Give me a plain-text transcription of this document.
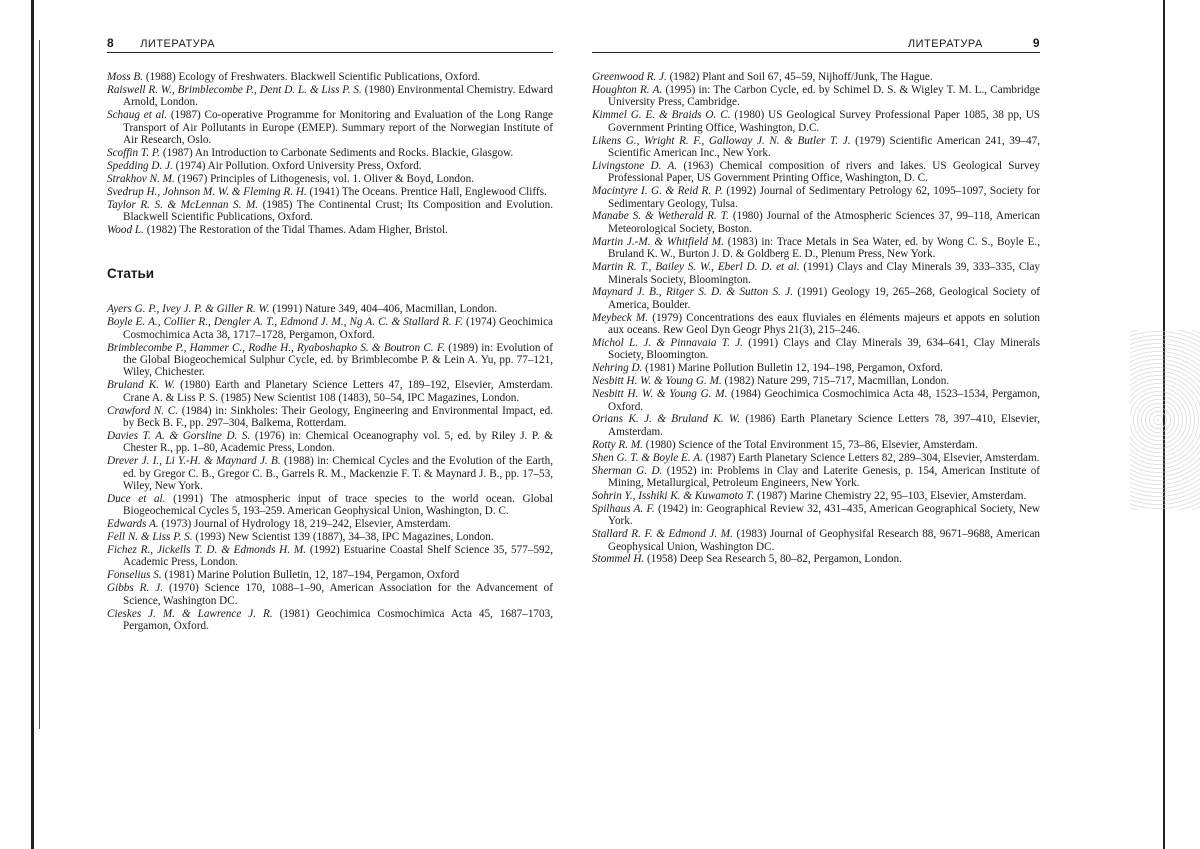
8 ЛИТЕРАТУРА
Moss B. (1988) Ecology of Freshwaters. Blackwell Scientific Publications, Oxford.
Raiswell R. W., Brimblecombe P., Dent D. L. & Liss P. S. (1980) Environmental Chemistry. Edward Arnold, London.
Schaug et al. (1987) Co-operative Programme for Monitoring and Evaluation of the Long Range Transport of Air Pollutants in Europe (EMEP). Summary report of the Norwegian Institute of Air Research, Oslo.
Scoffin T. P. (1987) An Introduction to Carbonate Sediments and Rocks. Blackie, Glasgow.
Spedding D. J. (1974) Air Pollution. Oxford University Press, Oxford.
Strakhov N. M. (1967) Principles of Lithogenesis, vol. 1. Oliver & Boyd, London.
Svedrup H., Johnson M. W. & Fleming R. H. (1941) The Oceans. Prentice Hall, Englewood Cliffs.
Taylor R. S. & McLennan S. M. (1985) The Continental Crust; Its Composition and Evolution. Blackwell Scientific Publications, Oxford.
Wood L. (1982) The Restoration of the Tidal Thames. Adam Higher, Bristol.
Статьи
Ayers G. P., Ivey J. P. & Giller R. W. (1991) Nature 349, 404–406, Macmillan, London.
Boyle E. A., Collier R., Dengler A. T., Edmond J. M., Ng A. C. & Stallard R. F. (1974) Geochimica Cosmochimica Acta 38, 1717–1728, Pergamon, Oxford.
Brimblecombe P., Hammer C., Rodhe H., Ryaboshapko S. & Boutron C. F. (1989) in: Evolution of the Global Biogeochemical Sulphur Cycle, ed. by Brimblecombe P. & Lein A. Yu, pp. 77–121, Wiley, Chichester.
Bruland K. W. (1980) Earth and Planetary Science Letters 47, 189–192, Elsevier, Amsterdam. Crane A. & Liss P. S. (1985) New Scientist 108 (1483), 50–54, IPC Magazines, London.
Crawford N. C. (1984) in: Sinkholes: Their Geology, Engineering and Environmental Impact, ed. by Beck B. F., pp. 297–304, Balkema, Rotterdam.
Davies T. A. & Gorsline D. S. (1976) in: Chemical Oceanography vol. 5, ed. by Riley J. P. & Chester R., pp. 1–80, Academic Press, London.
Drever J. I., Li Y.-H. & Maynard J. B. (1988) in: Chemical Cycles and the Evolution of the Earth, ed. by Gregor C. B., Gregor C. B., Garrels R. M., Mackenzie F. T. & Maynard J. B., pp. 17–53, Wiley, New York.
Duce et al. (1991) The atmospheric input of trace species to the world ocean. Global Biogeochemical Cycles 5, 193–259. American Geophysical Union, Washington, D. C.
Edwards A. (1973) Journal of Hydrology 18, 219–242, Elsevier, Amsterdam.
Fell N. & Liss P. S. (1993) New Scientist 139 (1887), 34–38, IPC Magazines, London.
Fichez R., Jickells T. D. & Edmonds H. M. (1992) Estuarine Coastal Shelf Science 35, 577–592, Academic Press, London.
Fonselius S. (1981) Marine Polution Bulletin, 12, 187–194, Pergamon, Oxford
Gibbs R. J. (1970) Science 170, 1088–1–90, American Association for the Advancement of Science, Washington DC.
Cieskes J. M. & Lawrence J. R. (1981) Geochimica Cosmochimica Acta 45, 1687–1703, Pergamon, Oxford.
ЛИТЕРАТУРА	9
Greenwood R. J. (1982) Plant and Soil 67, 45–59, Nijhoff/Junk, The Hague.
Houghton R. A. (1995) in: The Carbon Cycle, ed. by Schimel D. S. & Wigley T. M. L., Cambridge University Press, Cambridge.
Kimmel G. E. & Braids O. C. (1980) US Geological Survey Professional Paper 1085, 38 pp, US Government Printing Office, Washington, D.C.
Likens G., Wright R. F., Galloway J. N. & Butler T. J. (1979) Scientific American 241, 39–47, Scientific American Inc., New York.
Livingstone D. A. (1963) Chemical composition of rivers and lakes. US Geological Survey Professional Paper, US Government Printing Office, Washington, D. C.
Macintyre I. G. & Reid R. P. (1992) Journal of Sedimentary Petrology 62, 1095–1097, Society for Sedimentary Geology, Tulsa.
Manabe S. & Wetherald R. T. (1980) Journal of the Atmospheric Sciences 37, 99–118, American Meteorological Society, Boston.
Martin J.-M. & Whitfield M. (1983) in: Trace Metals in Sea Water, ed. by Wong C. S., Boyle E., Bruland K. W., Burton J. D. & Goldberg E. D., Plenum Press, New York.
Martin R. T., Bailey S. W., Eberl D. D. et al. (1991) Clays and Clay Minerals 39, 333–335, Clay Minerals Society, Bloomington.
Maynard J. B., Ritger S. D. & Sutton S. J. (1991) Geology 19, 265–268, Geological Society of America, Boulder.
Meybeck M. (1979) Concentrations des eaux fluviales en éléments majeurs et appots en solution aux oceans. Rew Geol Dyn Geogr Phys 21(3), 215–246.
Michol L. J. & Pinnavaia T. J. (1991) Clays and Clay Minerals 39, 634–641, Clay Minerals Society, Bloomington.
Nehring D. (1981) Marine Pollution Bulletin 12, 194–198, Pergamon, Oxford.
Nesbitt H. W. & Young G. M. (1982) Nature 299, 715–717, Macmillan, London.
Nesbitt H. W. & Young G. M. (1984) Geochimica Cosmochimica Acta 48, 1523–1534, Pergamon, Oxford.
Orians K. J. & Bruland K. W. (1986) Earth Planetary Science Letters 78, 397–410, Elsevier, Amsterdam.
Rotty R. M. (1980) Science of the Total Environment 15, 73–86, Elsevier, Amsterdam.
Shen G. T. & Boyle E. A. (1987) Earth Planetary Science Letters 82, 289–304, Elsevier, Amsterdam.
Sherman G. D. (1952) in: Problems in Clay and Laterite Genesis, p. 154, American Institute of Mining, Metallurgical, Petroleum Engineers, New York.
Sohrin Y., Isshiki K. & Kuwamoto T. (1987) Marine Chemistry 22, 95–103, Elsevier, Amsterdam.
Spilhaus A. F. (1942) in: Geographical Review 32, 431–435, American Geographical Society, New York.
Stallard R. F. & Edmond J. M. (1983) Journal of Geophysifal Research 88, 9671–9688, American Geophysical Union, Washington DC.
Stommel H. (1958) Deep Sea Research 5, 80–82, Pergamon, London.
